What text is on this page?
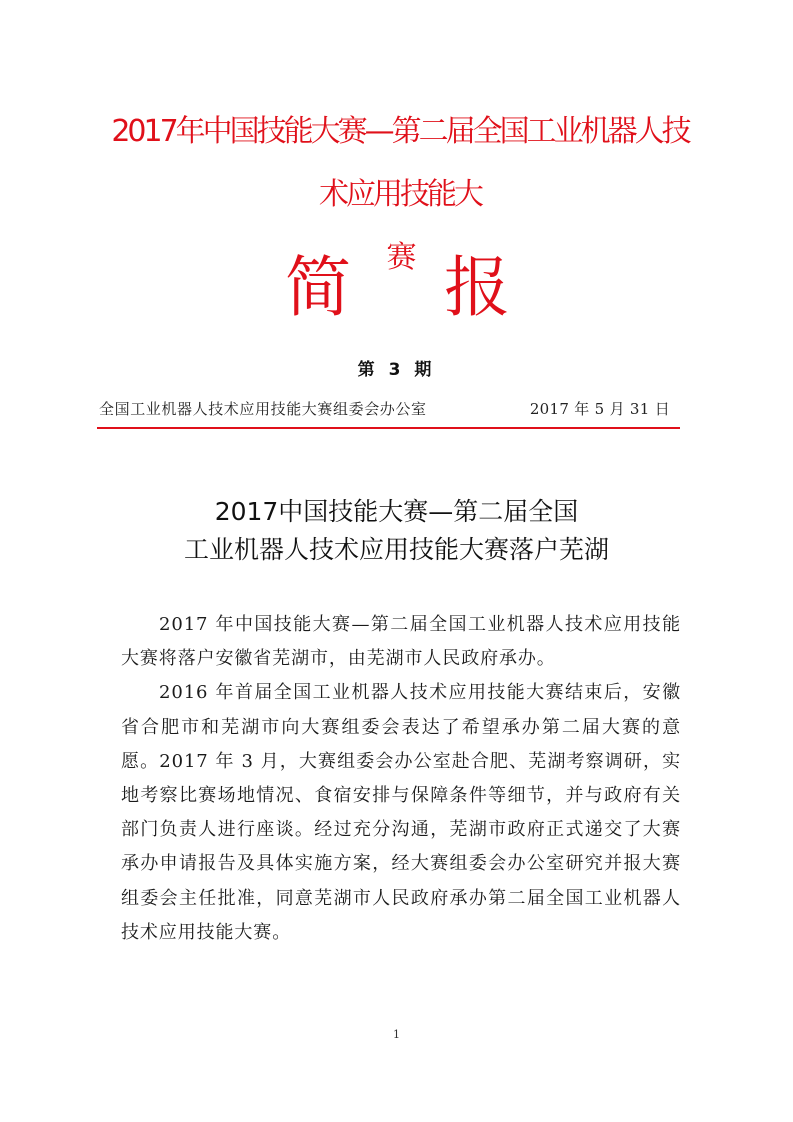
2017年中国技能大赛—第二届全国工业机器人技术应用技能大
赛
简 报
第 3 期
全国工业机器人技术应用技能大赛组委会办公室	2017 年 5 月 31 日
2017中国技能大赛—第二届全国
工业机器人技术应用技能大赛落户芜湖

2017 年中国技能大赛—第二届全国工业机器人技术应用技能大赛将落户安徽省芜湖市，由芜湖市人民政府承办。

2016 年首届全国工业机器人技术应用技能大赛结束后，安徽省合肥市和芜湖市向大赛组委会表达了希望承办第二届大赛的意愿。2017 年 3 月，大赛组委会办公室赴合肥、芜湖考察调研，实地考察比赛场地情况、食宿安排与保障条件等细节，并与政府有关部门负责人进行座谈。经过充分沟通，芜湖市政府正式递交了大赛承办申请报告及具体实施方案，经大赛组委会办公室研究并报大赛组委会主任批准，同意芜湖市人民政府承办第二届全国工业机器人技术应用技能大赛。

1
